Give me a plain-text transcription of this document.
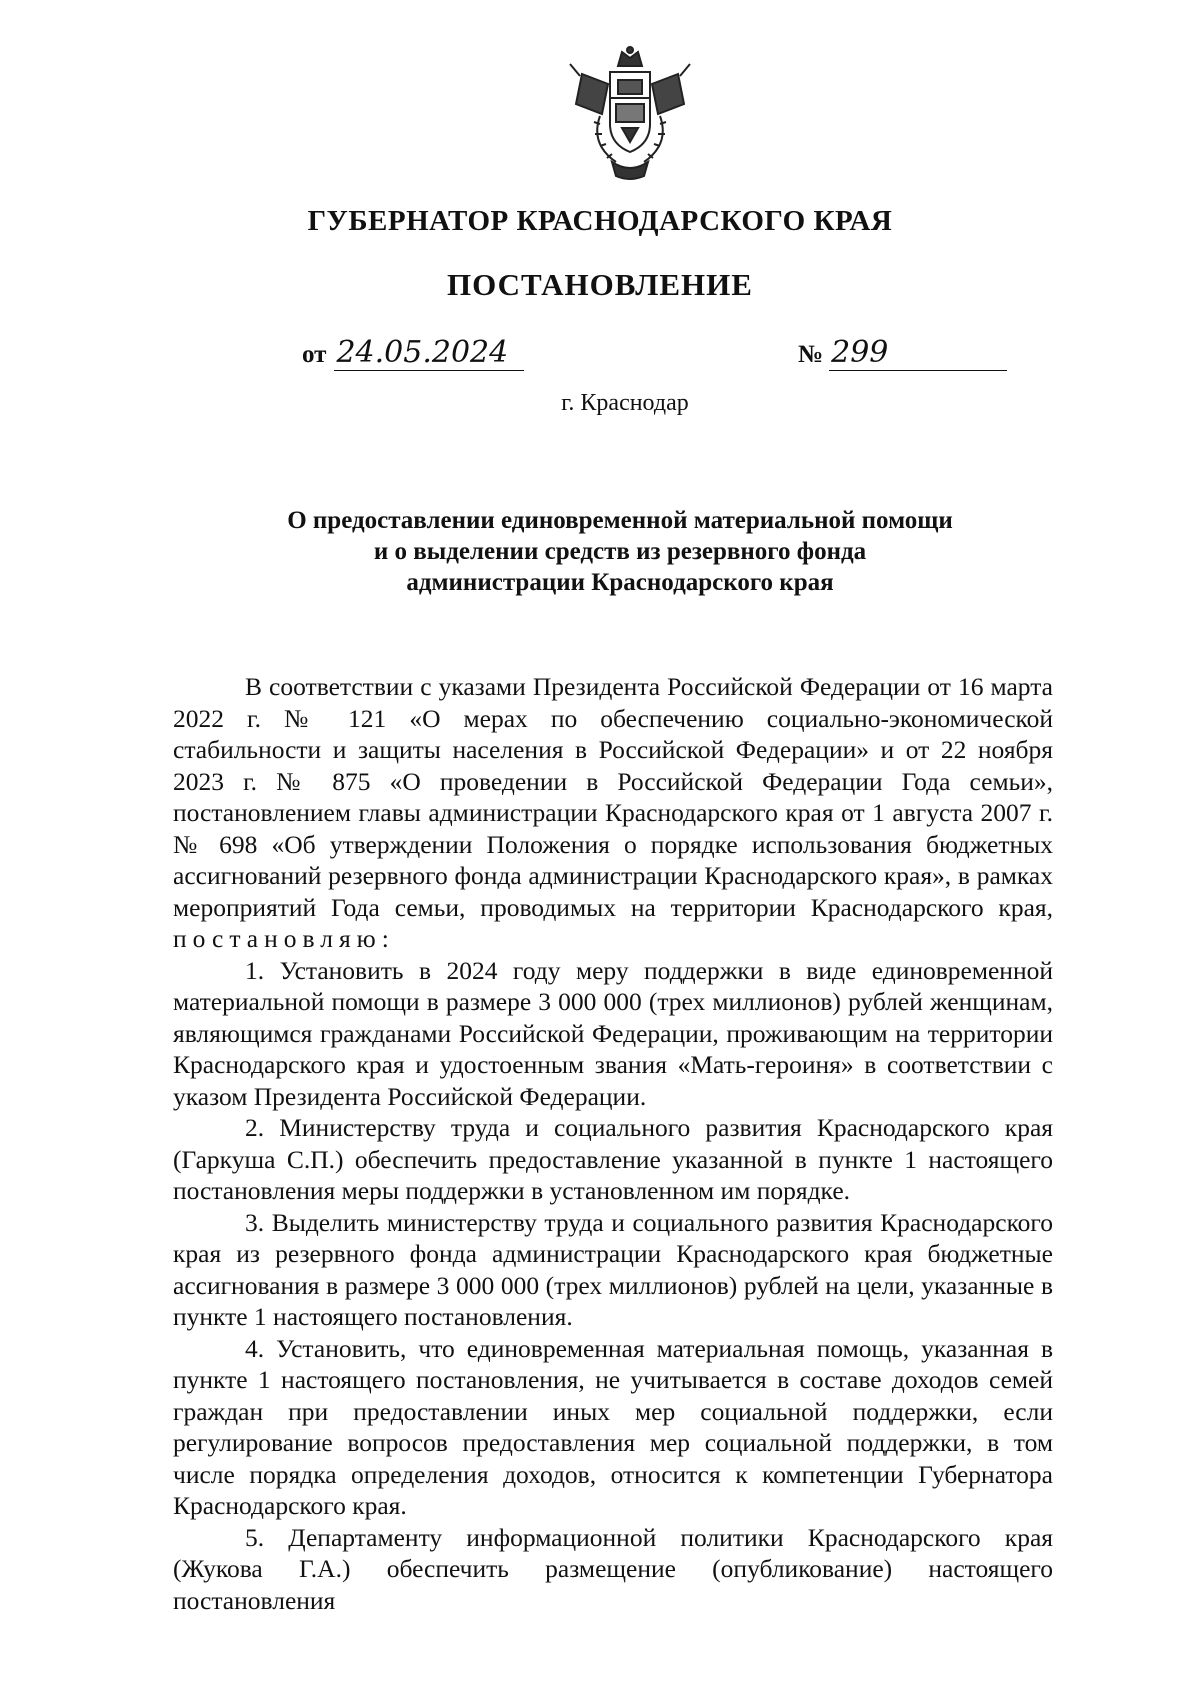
ГУБЕРНАТОР КРАСНОДАРСКОГО КРАЯ
ПОСТАНОВЛЕНИЕ
от 24.05.2024	№ 299
г. Краснодар
О предоставлении единовременной материальной помощи
и о выделении средств из резервного фонда
администрации Краснодарского края

В соответствии с указами Президента Российской Федерации от 16 марта 2022 г. № 121 «О мерах по обеспечению социально-экономической стабильности и защиты населения в Российской Федерации» и от 22 ноября 2023 г. № 875 «О проведении в Российской Федерации Года семьи», постановлением главы администрации Краснодарского края от 1 августа 2007 г. № 698 «Об утверждении Положения о порядке использования бюджетных ассигнований резервного фонда администрации Краснодарского края», в рамках мероприятий Года семьи, проводимых на территории Краснодарского края, постановляю:

1. Установить в 2024 году меру поддержки в виде единовременной материальной помощи в размере 3 000 000 (трех миллионов) рублей женщинам, являющимся гражданами Российской Федерации, проживающим на территории Краснодарского края и удостоенным звания «Мать-героиня» в соответствии с указом Президента Российской Федерации.

2. Министерству труда и социального развития Краснодарского края (Гаркуша С.П.) обеспечить предоставление указанной в пункте 1 настоящего постановления меры поддержки в установленном им порядке.

3. Выделить министерству труда и социального развития Краснодарского края из резервного фонда администрации Краснодарского края бюджетные ассигнования в размере 3 000 000 (трех миллионов) рублей на цели, указанные в пункте 1 настоящего постановления.

4. Установить, что единовременная материальная помощь, указанная в пункте 1 настоящего постановления, не учитывается в составе доходов семей граждан при предоставлении иных мер социальной поддержки, если регулирование вопросов предоставления мер социальной поддержки, в том числе порядка определения доходов, относится к компетенции Губернатора Краснодарского края.

5. Департаменту информационной политики Краснодарского края (Жукова Г.А.) обеспечить размещение (опубликование) настоящего постановления
